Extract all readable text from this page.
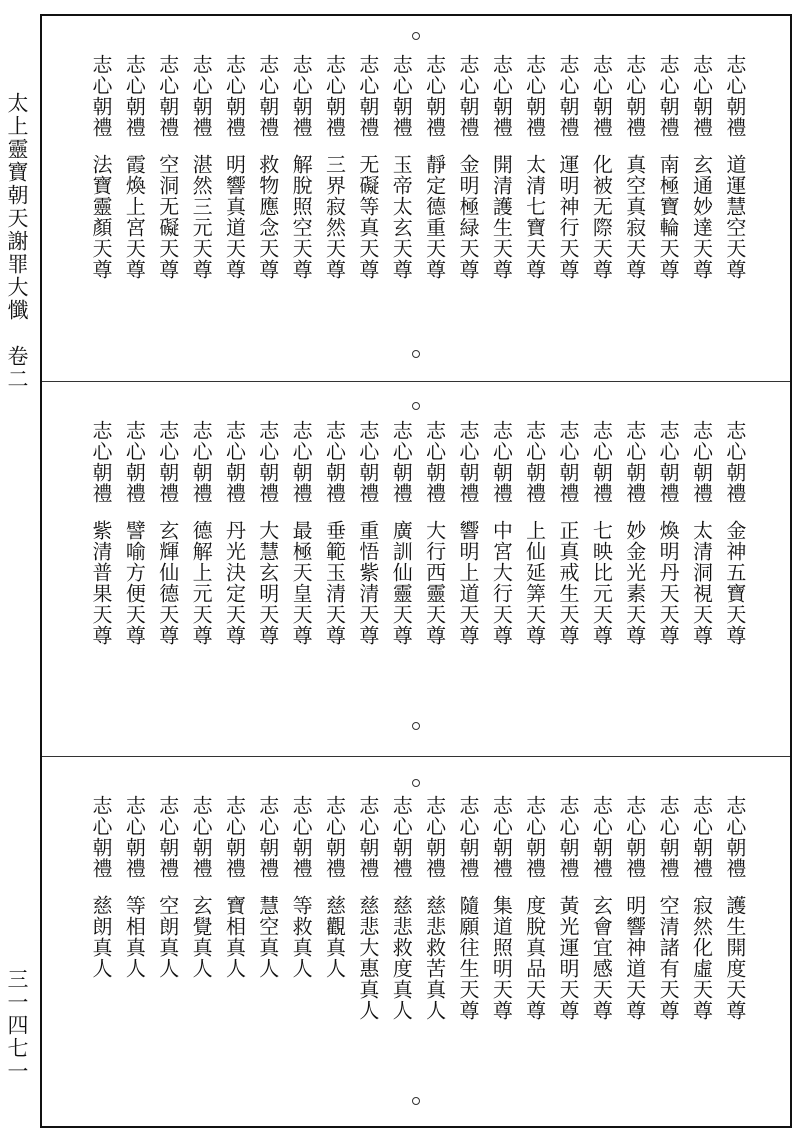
太上靈寶朝天謝罪大懺　卷二
三一四七一
志心朝禮
道運慧空天尊
志心朝禮
玄通妙達天尊
志心朝禮
南極寶輪天尊
志心朝禮
真空真寂天尊
志心朝禮
化被无際天尊
志心朝禮
運明神行天尊
志心朝禮
太清七寶天尊
志心朝禮
開清護生天尊
志心朝禮
金明極緑天尊
志心朝禮
靜定德重天尊
志心朝禮
玉帝太玄天尊
志心朝禮
无礙等真天尊
志心朝禮
三界寂然天尊
志心朝禮
解脫照空天尊
志心朝禮
救物應念天尊
志心朝禮
明響真道天尊
志心朝禮
湛然三元天尊
志心朝禮
空洞无礙天尊
志心朝禮
霞煥上宮天尊
志心朝禮
法寶靈顏天尊
志心朝禮
金神五寶天尊
志心朝禮
太清洞視天尊
志心朝禮
煥明丹天天尊
志心朝禮
妙金光素天尊
志心朝禮
七映比元天尊
志心朝禮
正真戒生天尊
志心朝禮
上仙延筭天尊
志心朝禮
中宮大行天尊
志心朝禮
響明上道天尊
志心朝禮
大行西靈天尊
志心朝禮
廣訓仙靈天尊
志心朝禮
重悟紫清天尊
志心朝禮
垂範玉清天尊
志心朝禮
最極天皇天尊
志心朝禮
大慧玄明天尊
志心朝禮
丹光決定天尊
志心朝禮
德解上元天尊
志心朝禮
玄輝仙德天尊
志心朝禮
譬喻方便天尊
志心朝禮
紫清普果天尊
志心朝禮
護生開度天尊
志心朝禮
寂然化虛天尊
志心朝禮
空清諸有天尊
志心朝禮
明響神道天尊
志心朝禮
玄會宜感天尊
志心朝禮
黃光運明天尊
志心朝禮
度脫真品天尊
志心朝禮
集道照明天尊
志心朝禮
隨願往生天尊
志心朝禮
慈悲救苦真人
志心朝禮
慈悲救度真人
志心朝禮
慈悲大惠真人
志心朝禮
慈觀真人
志心朝禮
等救真人
志心朝禮
慧空真人
志心朝禮
寶相真人
志心朝禮
玄覺真人
志心朝禮
空朗真人
志心朝禮
等相真人
志心朝禮
慈朗真人
